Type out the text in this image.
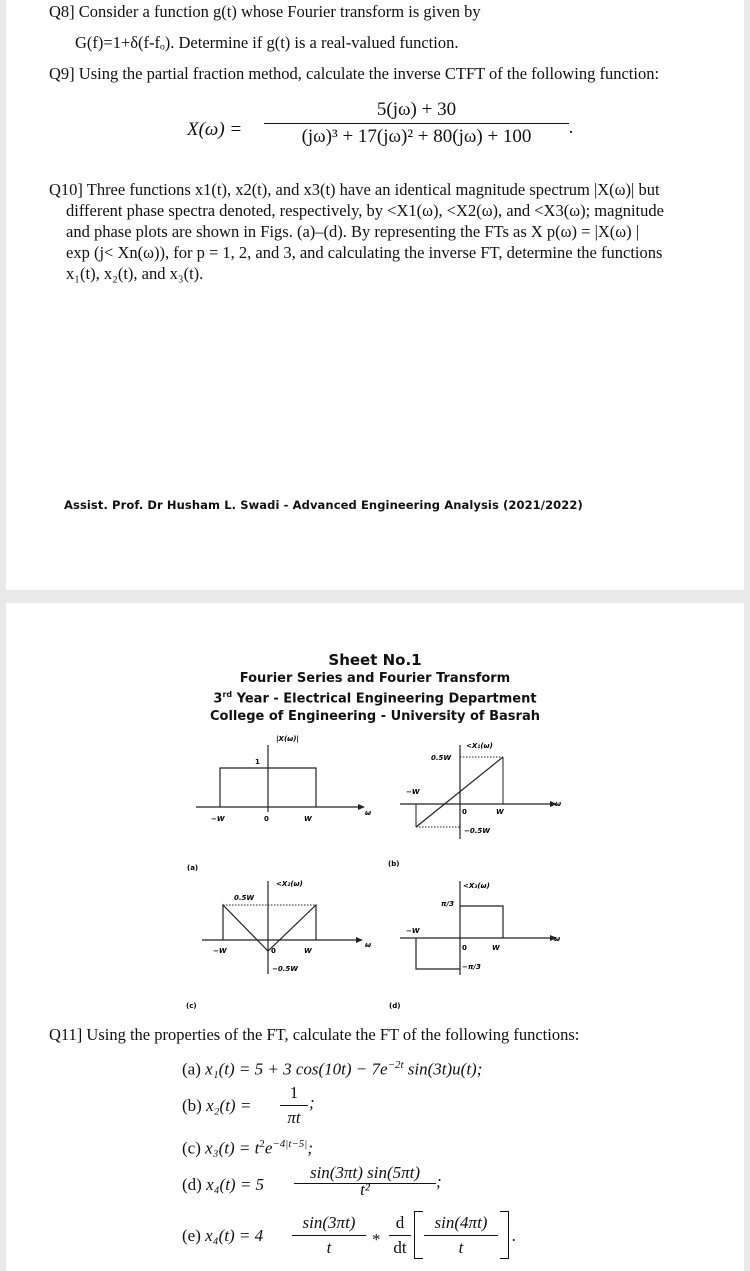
Q8] Consider a function g(t) whose Fourier transform is given by
G(f)=1+δ(f-fₒ). Determine if g(t) is a real-valued function.
Q9] Using the partial fraction method, calculate the inverse CTFT of the following function:
X(ω) =
5(jω) + 30
(jω)³ + 17(jω)² + 80(jω) + 100	.
Q10] Three functions x1(t), x2(t), and x3(t) have an identical magnitude spectrum |X(ω)| but
different phase spectra denoted, respectively, by <X1(ω), <X2(ω), and <X3(ω); magnitude
and phase plots are shown in Figs. (a)–(d). By representing the FTs as X p(ω) = |X(ω) |
exp (j< Xn(ω)), for p = 1, 2, and 3, and calculating the inverse FT, determine the functions
x₁(t), x₂(t), and x₃(t).
Assist. Prof. Dr Husham L. Swadi - Advanced Engineering Analysis (2021/2022)
Sheet No.1
Fourier Series and Fourier Transform
3rd Year - Electrical Engineering Department
College of Engineering - University of Basrah
|X(ω)|
1
−W	0	W
ω
(a)
<X₁(ω)
0.5W
−W
0	W
−0.5W
ω
(b)
<X₂(ω)
0.5W
−W	0	W
−0.5W
ω
(c)
<X₃(ω)
π/3
−W
0	W
−π/3
ω
(d)
Q11] Using the properties of the FT, calculate the FT of the following functions:
(a) x₁(t) = 5 + 3 $\cos(10t) - 7e^{-2t}$ sin(3t)u(t);
(b) x₂(t) =
1
πt
;
(c) $x_3(t) = t^2e^{-4|t-5|}$;
(d) x₄(t) = 5
sin(3πt) sin(5πt)
t²	;
(e) x₄(t) = 4
sin(3πt)
t	*
d
dt
sin(4πt)
t
.
